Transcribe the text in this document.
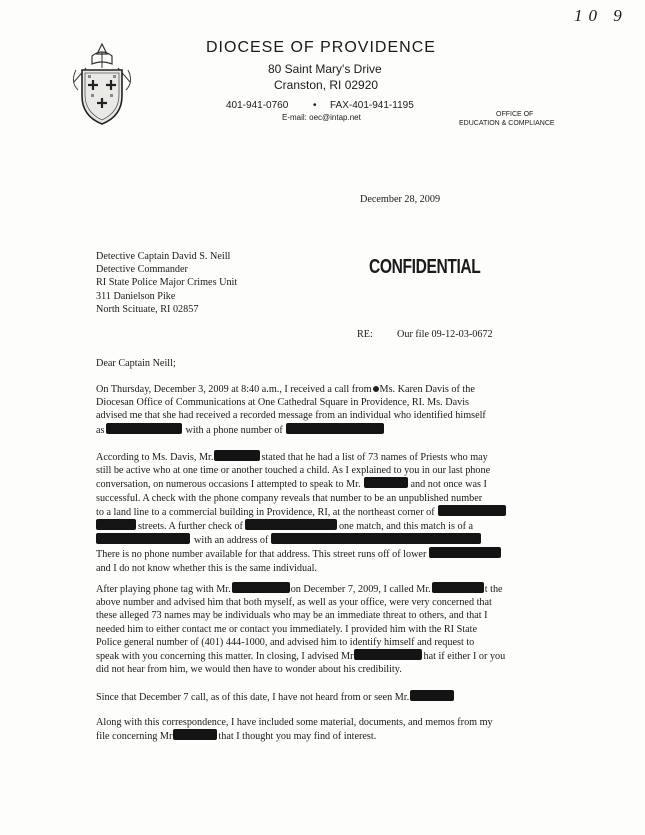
10 9
DIOCESE OF PROVIDENCE
80 Saint Mary's Drive
Cranston, RI 02920
401-941-0760 • FAX-401-941-1195
E-mail: oec@intap.net	OFFICE OF
EDUCATION & COMPLIANCE
December 28, 2009
Detective Captain David S. Neill
Detective Commander
RI State Police Major Crimes Unit
311 Danielson Pike
North Scituate, RI 02857
CONFIDENTIAL
RE: Our file 09-12-03-0672
Dear Captain Neill;
On Thursday, December 3, 2009 at 8:40 a.m., I received a call from Ms. Karen Davis of the
Diocesan Office of Communications at One Cathedral Square in Providence, RI. Ms. Davis
advised me that she had received a recorded message from an individual who identified himself
as	with a phone number of
According to Ms. Davis, Mr.	stated that he had a list of 73 names of Priests who may
still be active who at one time or another touched a child. As I explained to you in our last phone
conversation, on numerous occasions I attempted to speak to Mr.	and not once was I
successful. A check with the phone company reveals that number to be an unpublished number
to a land line to a commercial building in Providence, RI, at the northeast corner of
streets. A further check of	one match, and this match is of a
with an address of
There is no phone number available for that address. This street runs off of lower
and I do not know whether this is the same individual.
After playing phone tag with Mr.	on December 7, 2009, I called Mr.	t the
above number and advised him that both myself, as well as your office, were very concerned that
these alleged 73 names may be individuals who may be an immediate threat to others, and that I
needed him to either contact me or contact you immediately. I provided him with the RI State
Police general number of (401) 444-1000, and advised him to identify himself and request to
speak with you concerning this matter. In closing, I advised Mr	hat if either I or you
did not hear from him, we would then have to wonder about his credibility.
Since that December 7 call, as of this date, I have not heard from or seen Mr.
Along with this correspondence, I have included some material, documents, and memos from my
file concerning Mr	that I thought you may find of interest.
